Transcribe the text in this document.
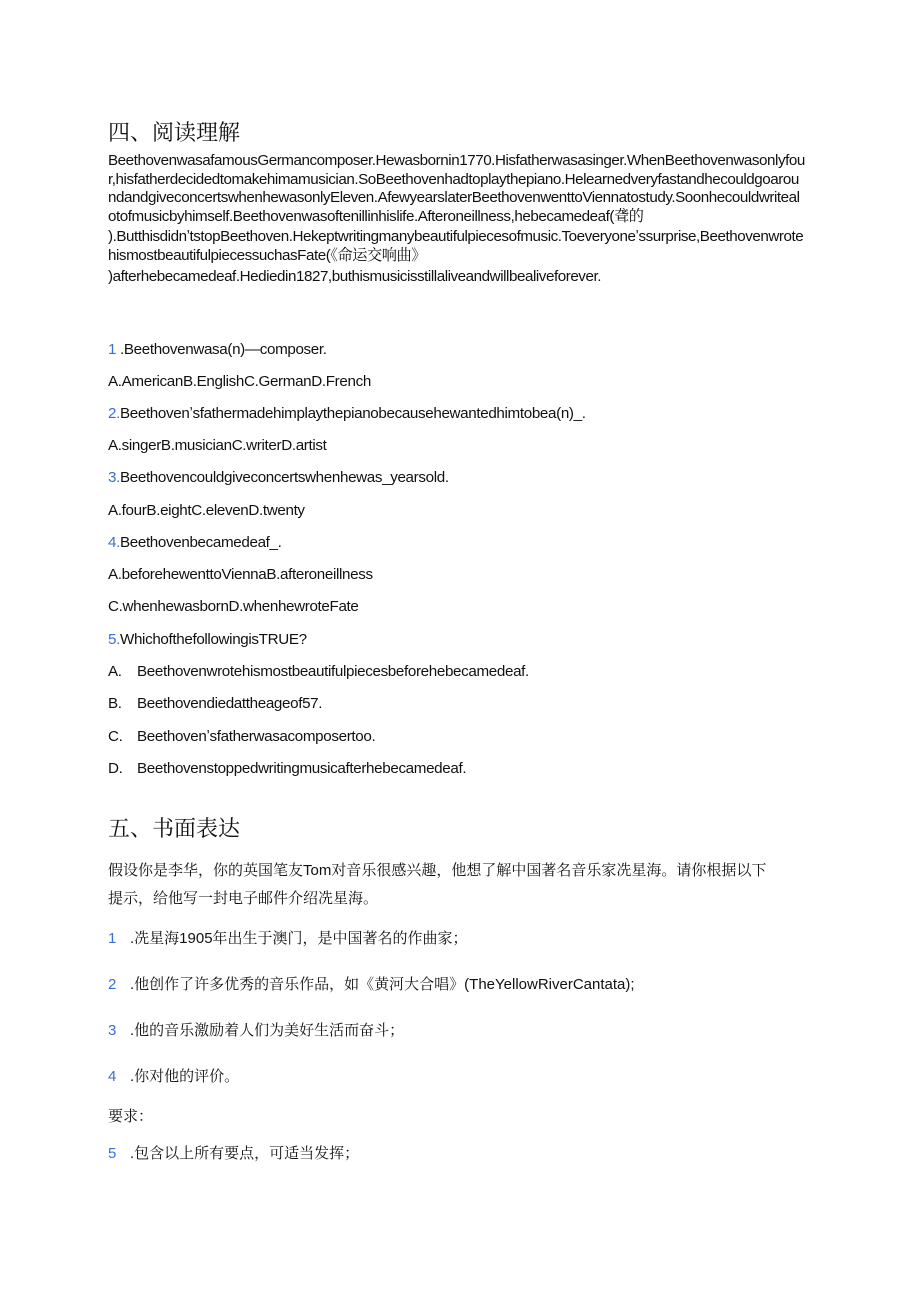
四、阅读理解
BeethovenwasafamousGermancomposer.Hewasbornin1770.Hisfatherwasasinger.WhenBeethovenwasonlyfour,hisfatherdecidedtomakehimamusician.SoBeethovenhadtoplaythepiano.HelearnedveryfastandhecouldgoaroundandgiveconcertswhenhewasonlyEleven.AfewyearslaterBeethovenwenttoViennatostudy.Soonhecouldwritealotofmusicbyhimself.Beethovenwasoftenillinhislife.Afteroneillness,hebecamedeaf(聋的
).ButthisdidnʼtstopBeethoven.Hekeptwritingmanybeautifulpiecesofmusic.Toeveryoneʼssurprise,BeethovenwrotehismostbeautifulpiecessuchasFate(《命运交响曲》
)afterhebecamedeaf.Hediedin1827,buthismusicisstillaliveandwillbealiveforever.
1 .Beethovenwasa(n)—composer.
A.AmericanB.EnglishC.GermanD.French
2.Beethovenʼsfathermadehimplaythepianobecausehewantedhimtobea(n)_.
A.singerB.musicianC.writerD.artist
3.Beethovencouldgiveconcertswhenhewas_yearsold.
A.fourB.eightC.elevenD.twenty
4.Beethovenbecamedeaf_.
A.beforehewenttoViennaB.afteroneillness
C.whenhewasbornD.whenhewroteFate
5.WhichofthefollowingisTRUE?
A. Beethovenwrotehismostbeautifulpiecesbeforehebecamedeaf.
B. Beethovendiedattheageof57.
C. Beethovenʼsfatherwasacomposertoo.
D. Beethovenstoppedwritingmusicafterhebecamedeaf.
五、书面表达
假设你是李华，你的英国笔友Tom对音乐很感兴趣，他想了解中国著名音乐家冼星海。请你根据以下
提示，给他写一封电子邮件介绍冼星海。
1 .冼星海1905年出生于澳门，是中国著名的作曲家；
2 .他创作了许多优秀的音乐作品，如《黄河大合唱》(TheYellowRiverCantata);
3 .他的音乐激励着人们为美好生活而奋斗；
4 .你对他的评价。
要求：
5 .包含以上所有要点，可适当发挥；
